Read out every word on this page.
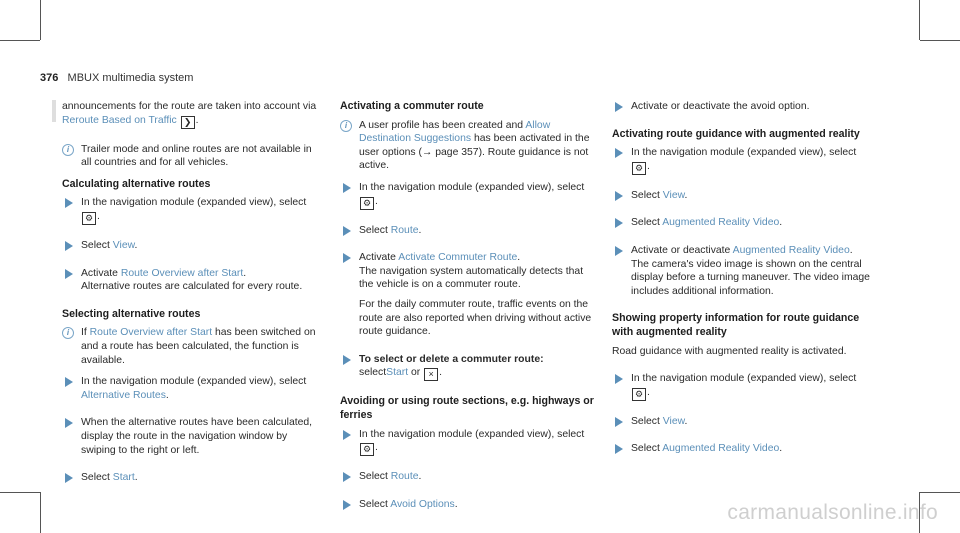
376 MBUX multimedia system

announcements for the route are taken into account via Reroute Based on Traffic ❯ .

i	Trailer mode and online routes are not available in all countries and for all vehicles.
Calculating alternative routes
In the navigation module (expanded view), select ⚙ .
Select View.
Activate Route Overview after Start.
Alternative routes are calculated for every route.
Selecting alternative routes
i	If Route Overview after Start has been switched on and a route has been calculated, the function is available.
In the navigation module (expanded view), select Alternative Routes.
When the alternative routes have been calculated, display the route in the navigation window by swiping to the right or left.
Select Start.
Activating a commuter route
i	A user profile has been created and Allow Destination Suggestions has been activated in the user options (→ page 357). Route guidance is not active.
In the navigation module (expanded view), select ⚙ .
Select Route.
Activate Activate Commuter Route.
The navigation system automatically detects that the vehicle is on a commuter route.
For the daily commuter route, traffic events on the route are also reported when driving without active route guidance.
To select or delete a commuter route:
selectStart or × .
Avoiding or using route sections, e.g. highways or ferries
In the navigation module (expanded view), select ⚙ .
Select Route.
Select Avoid Options.
Activate or deactivate the avoid option.
Activating route guidance with augmented reality
In the navigation module (expanded view), select ⚙ .
Select View.
Select Augmented Reality Video.
Activate or deactivate Augmented Reality Video.
The camera's video image is shown on the central display before a turning maneuver. The video image includes additional information.
Showing property information for route guidance with augmented reality

Road guidance with augmented reality is activated.

In the navigation module (expanded view), select ⚙ .
Select View.
Select Augmented Reality Video.
carmanualsonline.info
